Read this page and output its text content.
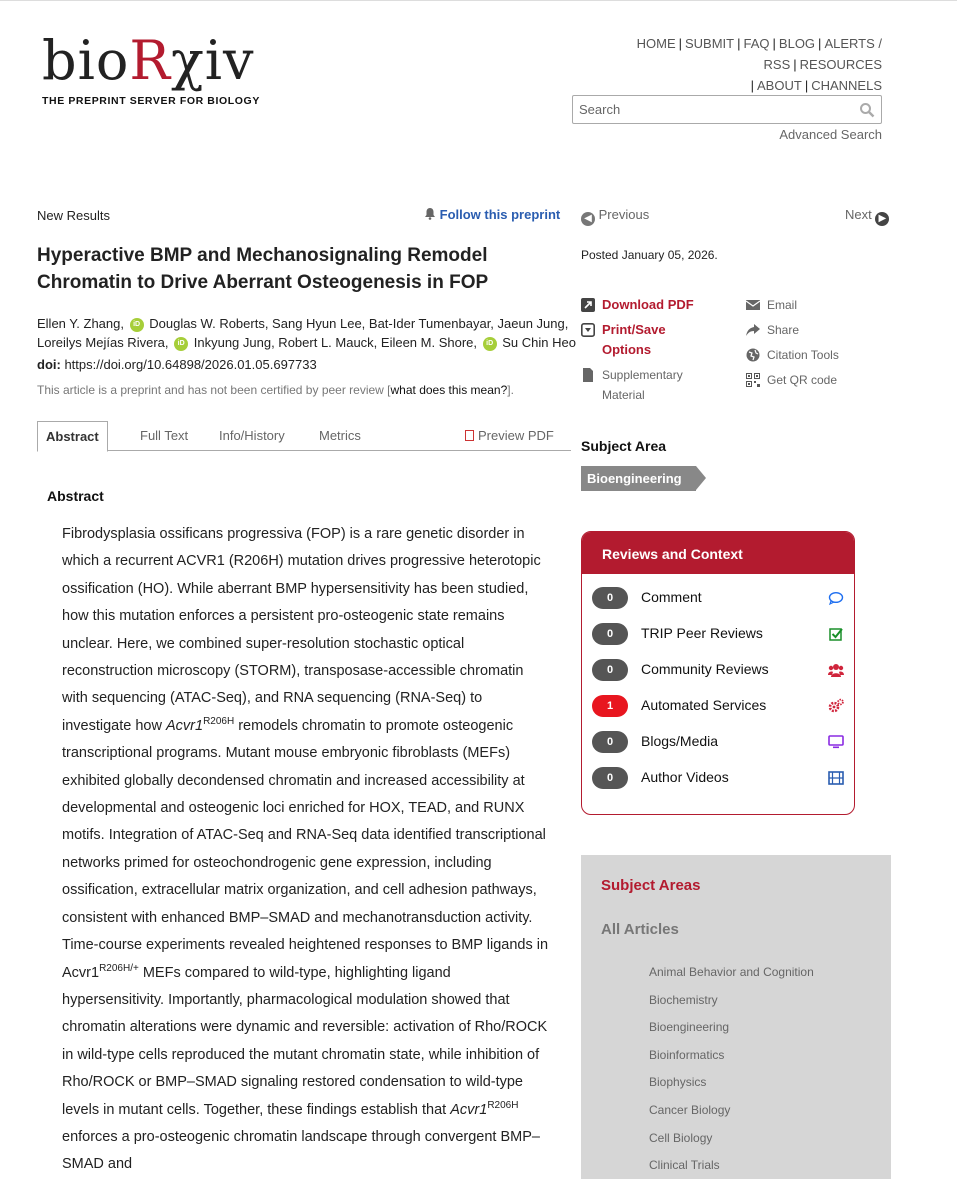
bioRχiv
THE PREPRINT SERVER FOR BIOLOGY
HOME | SUBMIT | FAQ | BLOG | ALERTS / RSS | RESOURCES
| ABOUT | CHANNELS
Search
Advanced Search
New Results	Follow this preprint
Hyperactive BMP and Mechanosignaling Remodel Chromatin to Drive Aberrant Osteogenesis in FOP
Ellen Y. Zhang, iD Douglas W. Roberts, Sang Hyun Lee, Bat-Ider Tumenbayar, Jaeun Jung, Loreilys Mejías Rivera, iD Inkyung Jung, Robert L. Mauck, Eileen M. Shore, iD Su Chin Heo
doi: https://doi.org/10.64898/2026.01.05.697733
This article is a preprint and has not been certified by peer review [what does this mean?].
Abstract	Full Text Info/History	Metrics	Preview PDF
Abstract

Fibrodysplasia ossificans progressiva (FOP) is a rare genetic disorder in which a recurrent ACVR1 (R206H) mutation drives progressive heterotopic ossification (HO). While aberrant BMP hypersensitivity has been studied, how this mutation enforces a persistent pro-osteogenic state remains unclear. Here, we combined super-resolution stochastic optical reconstruction microscopy (STORM), transposase-accessible chromatin with sequencing (ATAC-Seq), and RNA sequencing (RNA-Seq) to investigate how $Acvr1^{R206H}$ remodels chromatin to promote osteogenic transcriptional programs. Mutant mouse embryonic fibroblasts (MEFs) exhibited globally decondensed chromatin and increased accessibility at developmental and osteogenic loci enriched for HOX, TEAD, and RUNX motifs. Integration of ATAC-Seq and RNA-Seq data identified transcriptional networks primed for osteochondrogenic gene expression, including ossification, extracellular matrix organization, and cell adhesion pathways, consistent with enhanced BMP–SMAD and mechanotransduction activity. Time-course experiments revealed heightened responses to BMP ligands in $Acvr1^{R206H/+}$ MEFs compared to wild-type, highlighting ligand hypersensitivity. Importantly, pharmacological modulation showed that chromatin alterations were dynamic and reversible: activation of Rho/ROCK in wild-type cells reproduced the mutant chromatin state, while inhibition of Rho/ROCK or BMP–SMAD signaling restored condensation to wild-type levels in mutant cells. Together, these findings establish that $Acvr1^{R206H}$ enforces a pro-osteogenic chromatin landscape through convergent BMP–SMAD and

◀ Previous	Next ▶
Posted January 05, 2026.
Download PDF
Print/Save Options
Supplementary Material
Email
Share
Citation Tools
Get QR code
Subject Area
Bioengineering
Reviews and Context
0	Comment
0	TRIP Peer Reviews
0	Community Reviews
1	Automated Services
0	Blogs/Media
0	Author Videos
Subject Areas
All Articles
Animal Behavior and Cognition
Biochemistry
Bioengineering
Bioinformatics
Biophysics
Cancer Biology
Cell Biology
Clinical Trials
